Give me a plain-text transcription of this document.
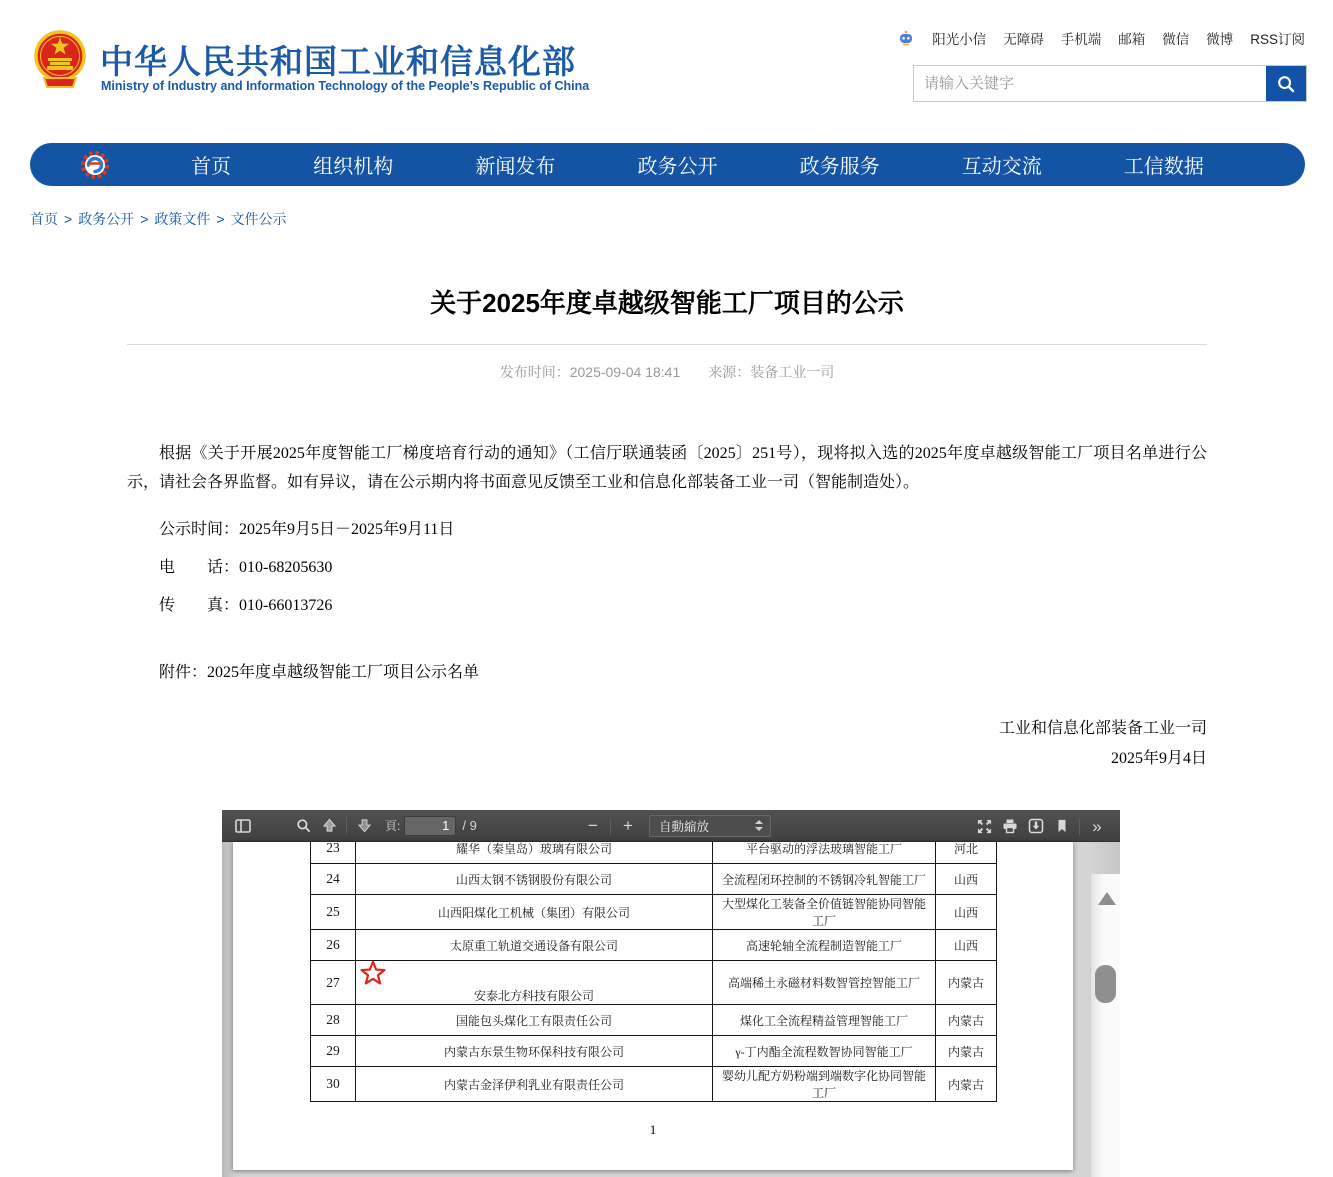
中华人民共和国工业和信息化部
Ministry of Industry and Information Technology of the People’s Republic of China
阳光小信 无障碍 手机端 邮箱 微信 微博 RSS订阅
请输入关键字
首页	组织机构	新闻发布	政务公开	政务服务	互动交流	工信数据
首页 > 政务公开 > 政策文件 > 文件公示
关于2025年度卓越级智能工厂项目的公示
发布时间：2025-09-04 18:41 来源：装备工业一司

根据《关于开展2025年度智能工厂梯度培育行动的通知》（工信厅联通装函〔2025〕251号），现将拟入选的2025年度卓越级智能工厂项目名单进行公示，请社会各界监督。如有异议，请在公示期内将书面意见反馈至工业和信息化部装备工业一司（智能制造处）。

公示时间：2025年9月5日－2025年9月11日

电　　话：010-68205630

传　　真：010-66013726

附件：2025年度卓越级智能工厂项目公示名单

工业和信息化部装备工业一司

2025年9月4日

頁:
1	/ 9	−	+	自動縮放	»
23	耀华（秦皇岛）玻璃有限公司	平台驱动的浮法玻璃智能工厂	河北
24	山西太钢不锈钢股份有限公司	全流程闭环控制的不锈钢冷轧智能工厂	山西
25	山西阳煤化工机械（集团）有限公司	大型煤化工装备全价值链智能协同智能工厂	山西
26	太原重工轨道交通设备有限公司	高速轮轴全流程制造智能工厂	山西
27	安泰北方科技有限公司	高端稀土永磁材料数智管控智能工厂	内蒙古
28	国能包头煤化工有限责任公司	煤化工全流程精益管理智能工厂	内蒙古
29	内蒙古东景生物环保科技有限公司	γ-丁内酯全流程数智协同智能工厂	内蒙古
30	内蒙古金泽伊利乳业有限责任公司	婴幼儿配方奶粉端到端数字化协同智能工厂	内蒙古
1
